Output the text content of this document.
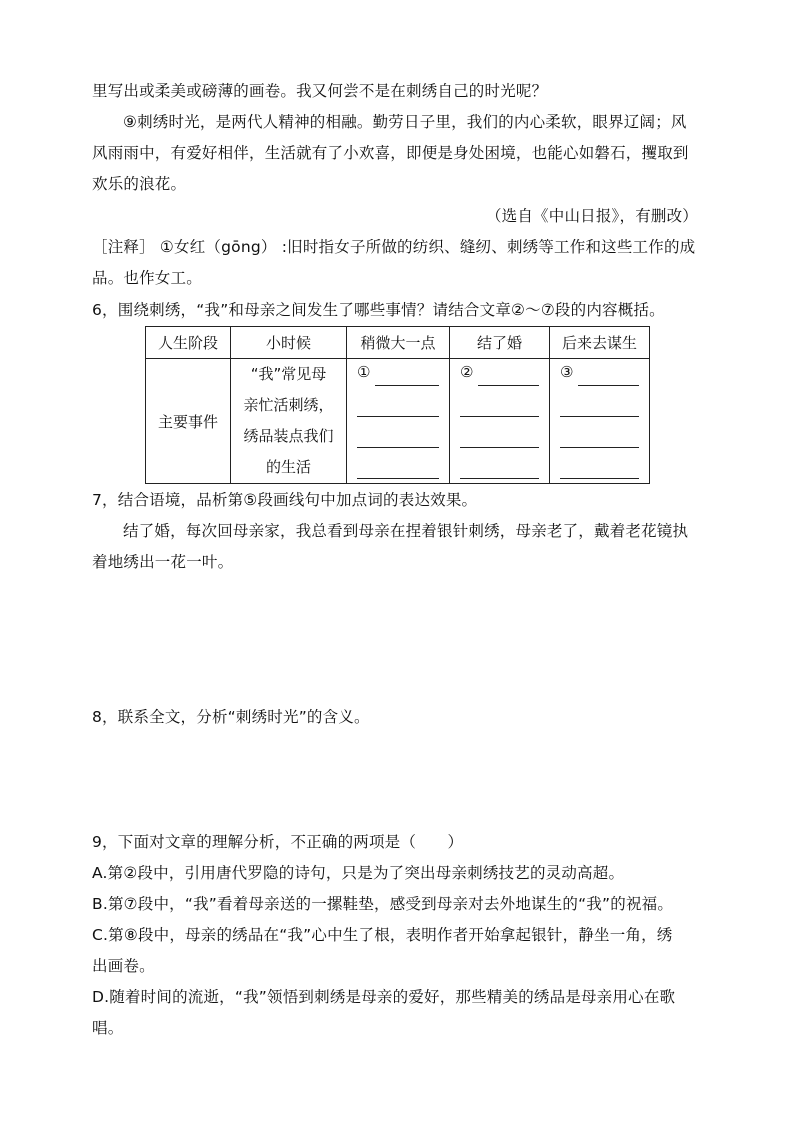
里写出或柔美或磅薄的画卷。我又何尝不是在刺绣自己的时光呢？
⑨刺绣时光，是两代人精神的相融。勤劳日子里，我们的内心柔软，眼界辽阔；风
风雨雨中，有爱好相伴，生活就有了小欢喜，即便是身处困境，也能心如磐石，攫取到
欢乐的浪花。
（选自《中山日报》，有删改）
［注释］ ①女红（gōng） :旧时指女子所做的纺织、缝纫、刺绣等工作和这些工作的成
品。也作女工。
6，围绕刺绣，“我”和母亲之间发生了哪些事情？请结合文章②～⑦段的内容概括。
人生阶段	小时候	稍微大一点	结了婚	后来去谋生
主要事件	“我”常见母
亲忙活刺绣，
绣品装点我们
的生活	①	②	③
7，结合语境，品析第⑤段画线句中加点词的表达效果。
结了婚，每次回母亲家，我总看到母亲在捏着银针刺绣，母亲老了，戴着老花镜执
着地绣出一花一叶。
8，联系全文，分析“刺绣时光”的含义。
9，下面对文章的理解分析，不正确的两项是（　　）
A.第②段中，引用唐代罗隐的诗句，只是为了突出母亲刺绣技艺的灵动高超。
B.第⑦段中，“我”看着母亲送的一摞鞋垫，感受到母亲对去外地谋生的“我”的祝福。
C.第⑧段中，母亲的绣品在“我”心中生了根，表明作者开始拿起银针，静坐一角，绣
出画卷。
D.随着时间的流逝，“我”领悟到刺绣是母亲的爱好，那些精美的绣品是母亲用心在歌
唱。
